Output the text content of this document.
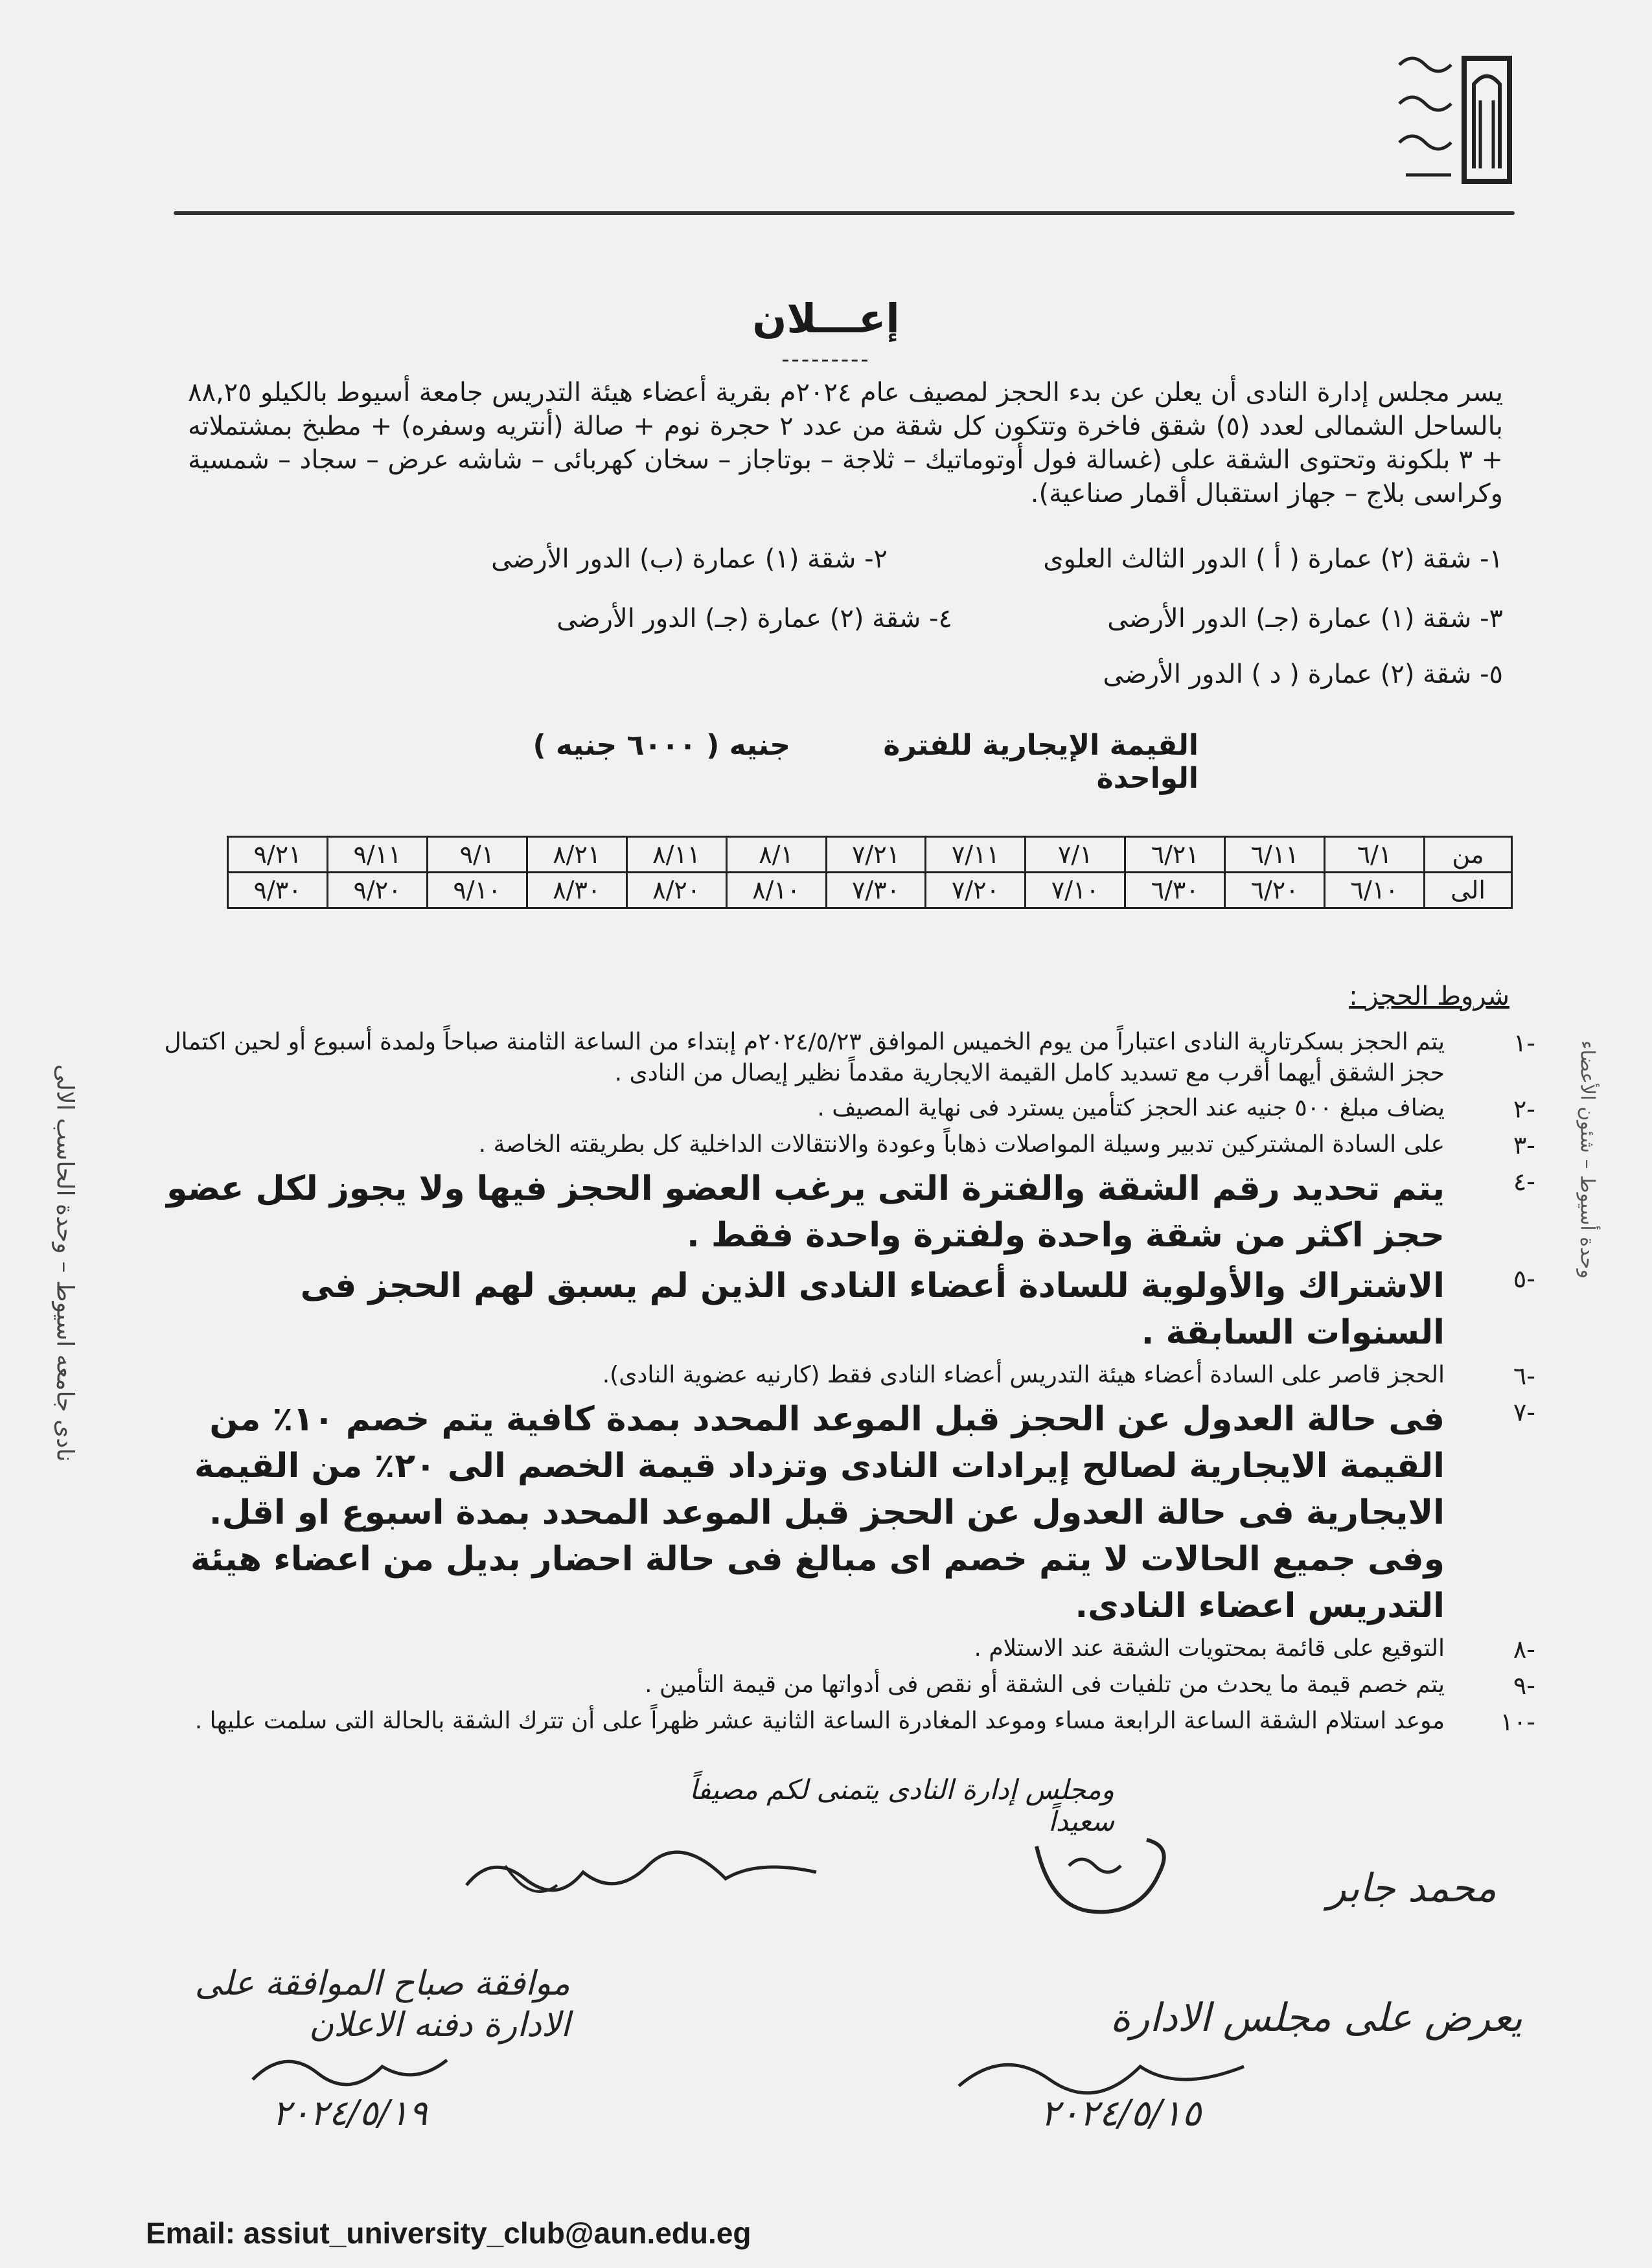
نادى جامعه اسيوط – وحدة الحاسب الالى	وحدة أسيوط – شئون الأعضاء
إعـــلان
---------
يسر مجلس إدارة النادى أن يعلن عن بدء الحجز لمصيف عام ٢٠٢٤م بقرية أعضاء هيئة التدريس جامعة أسيوط بالكيلو ٨٨,٢٥ بالساحل الشمالى لعدد (٥) شقق فاخرة وتتكون كل شقة من عدد ٢ حجرة نوم + صالة (أنتريه وسفره) + مطبخ بمشتملاته + ٣ بلكونة وتحتوى الشقة على (غسالة فول أوتوماتيك – ثلاجة – بوتاجاز – سخان كهربائى – شاشه عرض – سجاد – شمسية وكراسى بلاج – جهاز استقبال أقمار صناعية).
١- شقة (٢) عمارة ( أ ) الدور الثالث العلوى
٢- شقة (١) عمارة (ب) الدور الأرضى
٣- شقة (١) عمارة (جـ) الدور الأرضى
٤- شقة (٢) عمارة (جـ) الدور الأرضى
٥- شقة (٢) عمارة ( د ) الدور الأرضى
القيمة الإيجارية للفترة الواحدة
جنيه ( ٦٠٠٠ جنيه )
من	٦/١	٦/١١	٦/٢١	٧/١	٧/١١	٧/٢١	٨/١	٨/١١	٨/٢١	٩/١	٩/١١	٩/٢١
الى	٦/١٠	٦/٢٠	٦/٣٠	٧/١٠	٧/٢٠	٧/٣٠	٨/١٠	٨/٢٠	٨/٣٠	٩/١٠	٩/٢٠	٩/٣٠
شروط الحجز :
-١
يتم الحجز بسكرتارية النادى اعتباراً من يوم الخميس الموافق ٢٠٢٤/٥/٢٣م إبتداء من الساعة الثامنة صباحاً ولمدة أسبوع أو لحين اكتمال حجز الشقق أيهما أقرب مع تسديد كامل القيمة الايجارية مقدماً نظير إيصال من النادى .
-٢
يضاف مبلغ ٥٠٠ جنيه عند الحجز كتأمين يسترد فى نهاية المصيف .
-٣
على السادة المشتركين تدبير وسيلة المواصلات ذهاباً وعودة والانتقالات الداخلية كل بطريقته الخاصة .
-٤
يتم تحديد رقم الشقة والفترة التى يرغب العضو الحجز فيها ولا يجوز لكل عضو حجز اكثر من شقة واحدة ولفترة واحدة فقط .
-٥
الاشتراك والأولوية للسادة أعضاء النادى الذين لم يسبق لهم الحجز فى السنوات السابقة .
-٦
الحجز قاصر على السادة أعضاء هيئة التدريس أعضاء النادى فقط (كارنيه عضوية النادى).
-٧
فى حالة العدول عن الحجز قبل الموعد المحدد بمدة كافية يتم خصم ١٠٪ من القيمة الايجارية لصالح إيرادات النادى وتزداد قيمة الخصم الى ٢٠٪ من القيمة الايجارية فى حالة العدول عن الحجز قبل الموعد المحدد بمدة اسبوع او اقل. وفى جميع الحالات لا يتم خصم اى مبالغ فى حالة احضار بديل من اعضاء هيئة التدريس اعضاء النادى.
-٨
التوقيع على قائمة بمحتويات الشقة عند الاستلام .
-٩
يتم خصم قيمة ما يحدث من تلفيات فى الشقة أو نقص فى أدواتها من قيمة التأمين .
-١٠
موعد استلام الشقة الساعة الرابعة مساء وموعد المغادرة الساعة الثانية عشر ظهراً على أن تترك الشقة بالحالة التى سلمت عليها .
ومجلس إدارة النادى يتمنى لكم مصيفاً سعيداً
محمد جابر
موافقة صباح الموافقة على الادارة دفنه الاعلان
٢٠٢٤/٥/١٩
يعرض على مجلس الادارة
٢٠٢٤/٥/١٥
Email: assiut_university_club@aun.edu.eg
